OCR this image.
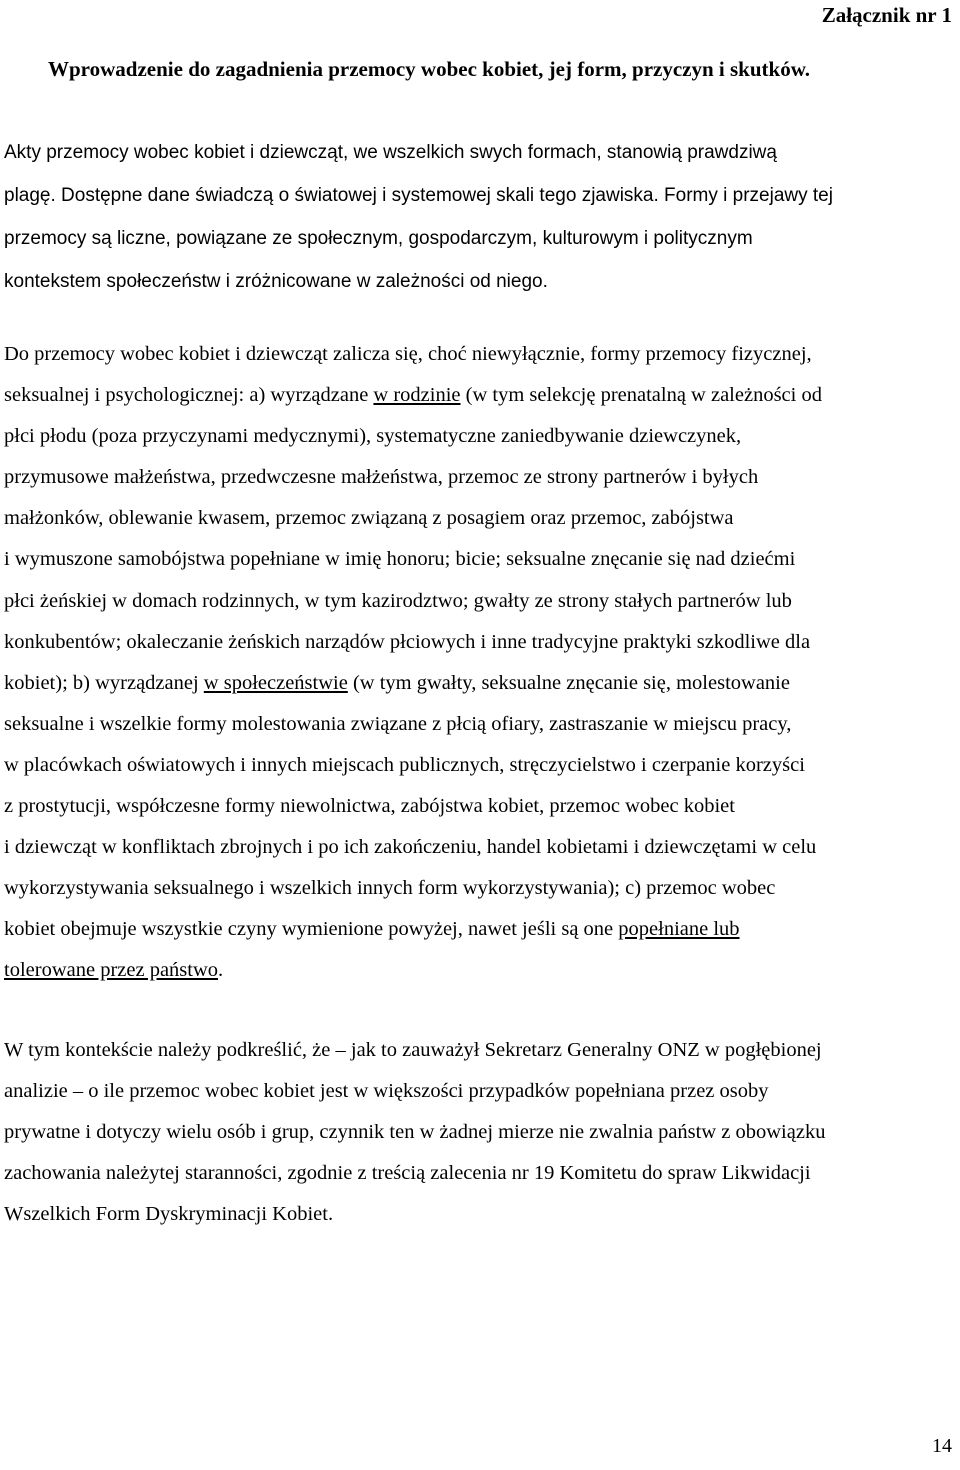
Załącznik nr 1
Wprowadzenie do zagadnienia przemocy wobec kobiet, jej form, przyczyn i skutków.

Akty przemocy wobec kobiet i dziewcząt, we wszelkich swych formach, stanowią prawdziwą
plagę. Dostępne dane świadczą o światowej i systemowej skali tego zjawiska. Formy i przejawy tej
przemocy są liczne, powiązane ze społecznym, gospodarczym, kulturowym i politycznym
kontekstem społeczeństw i zróżnicowane w zależności od niego.

Do przemocy wobec kobiet i dziewcząt zalicza się, choć niewyłącznie, formy przemocy fizycznej,
seksualnej i psychologicznej: a) wyrządzane w rodzinie (w tym selekcję prenatalną w zależności od
płci płodu (poza przyczynami medycznymi), systematyczne zaniedbywanie dziewczynek,
przymusowe małżeństwa, przedwczesne małżeństwa, przemoc ze strony partnerów i byłych
małżonków, oblewanie kwasem, przemoc związaną z posagiem oraz przemoc, zabójstwa
i wymuszone samobójstwa popełniane w imię honoru; bicie; seksualne znęcanie się nad dziećmi
płci żeńskiej w domach rodzinnych, w tym kazirodztwo; gwałty ze strony stałych partnerów lub
konkubentów; okaleczanie żeńskich narządów płciowych i inne tradycyjne praktyki szkodliwe dla
kobiet); b) wyrządzanej w społeczeństwie (w tym gwałty, seksualne znęcanie się, molestowanie
seksualne i wszelkie formy molestowania związane z płcią ofiary, zastraszanie w miejscu pracy,
w placówkach oświatowych i innych miejscach publicznych, stręczycielstwo i czerpanie korzyści
z prostytucji, współczesne formy niewolnictwa, zabójstwa kobiet, przemoc wobec kobiet
i dziewcząt w konfliktach zbrojnych i po ich zakończeniu, handel kobietami i dziewczętami w celu
wykorzystywania seksualnego i wszelkich innych form wykorzystywania); c) przemoc wobec
kobiet obejmuje wszystkie czyny wymienione powyżej, nawet jeśli są one popełniane lub
tolerowane przez państwo.

W tym kontekście należy podkreślić, że – jak to zauważył Sekretarz Generalny ONZ w pogłębionej
analizie – o ile przemoc wobec kobiet jest w większości przypadków popełniana przez osoby
prywatne i dotyczy wielu osób i grup, czynnik ten w żadnej mierze nie zwalnia państw z obowiązku
zachowania należytej staranności, zgodnie z treścią zalecenia nr 19 Komitetu do spraw Likwidacji
Wszelkich Form Dyskryminacji Kobiet.

14
